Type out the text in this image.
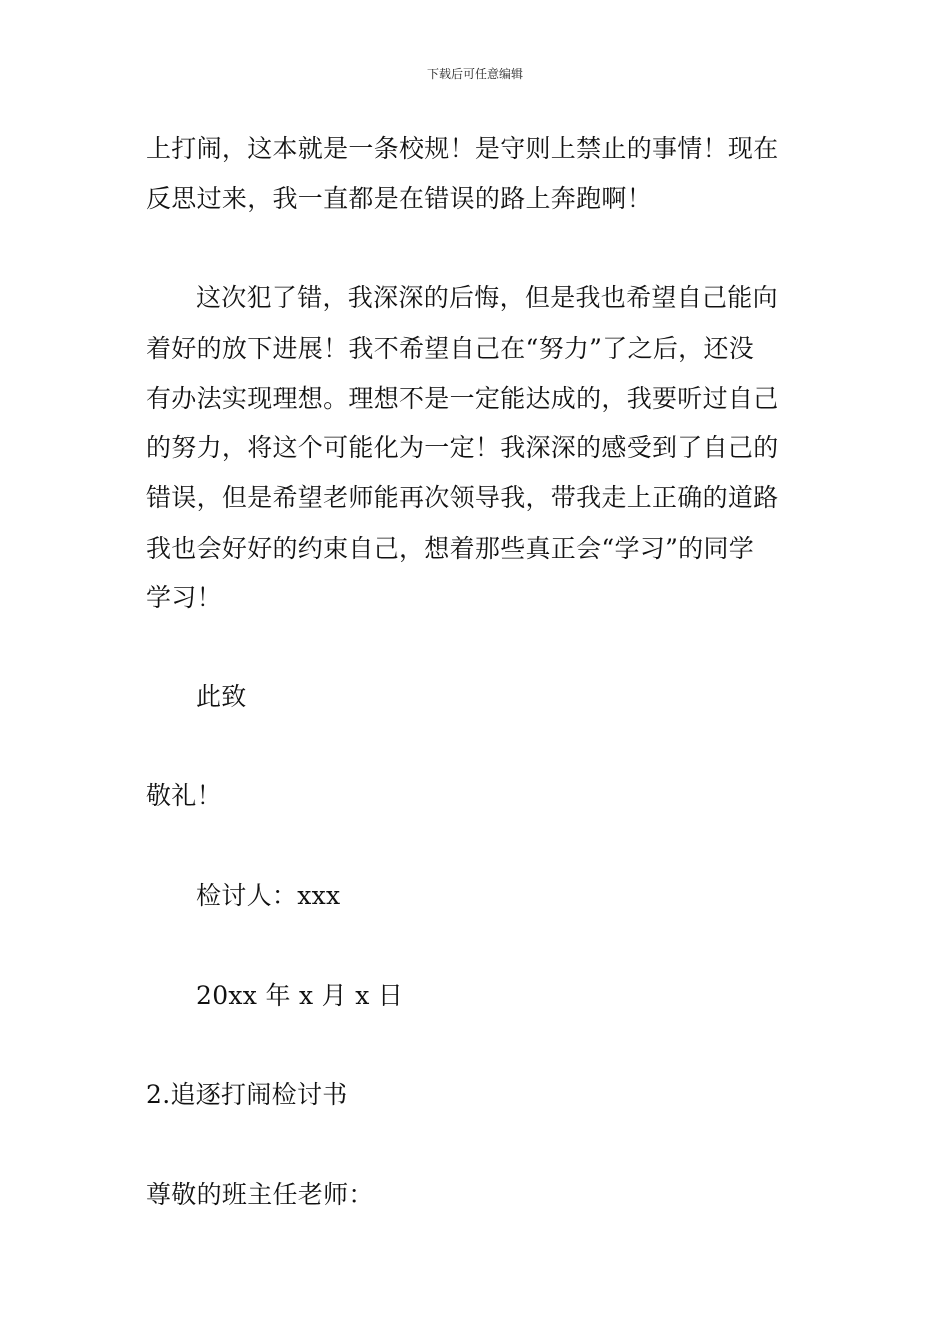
下载后可任意编辑

上打闹，这本就是一条校规！是守则上禁止的事情！现在

反思过来，我一直都是在错误的路上奔跑啊！

这次犯了错，我深深的后悔，但是我也希望自己能向

着好的放下进展！我不希望自己在“努力”了之后，还没

有办法实现理想。理想不是一定能达成的，我要听过自己

的努力，将这个可能化为一定！我深深的感受到了自己的

错误，但是希望老师能再次领导我，带我走上正确的道路

我也会好好的约束自己，想着那些真正会“学习”的同学

学习！

此致

敬礼！

检讨人：xxx

20xx 年 x 月 x 日

2.追逐打闹检讨书

尊敬的班主任老师：
